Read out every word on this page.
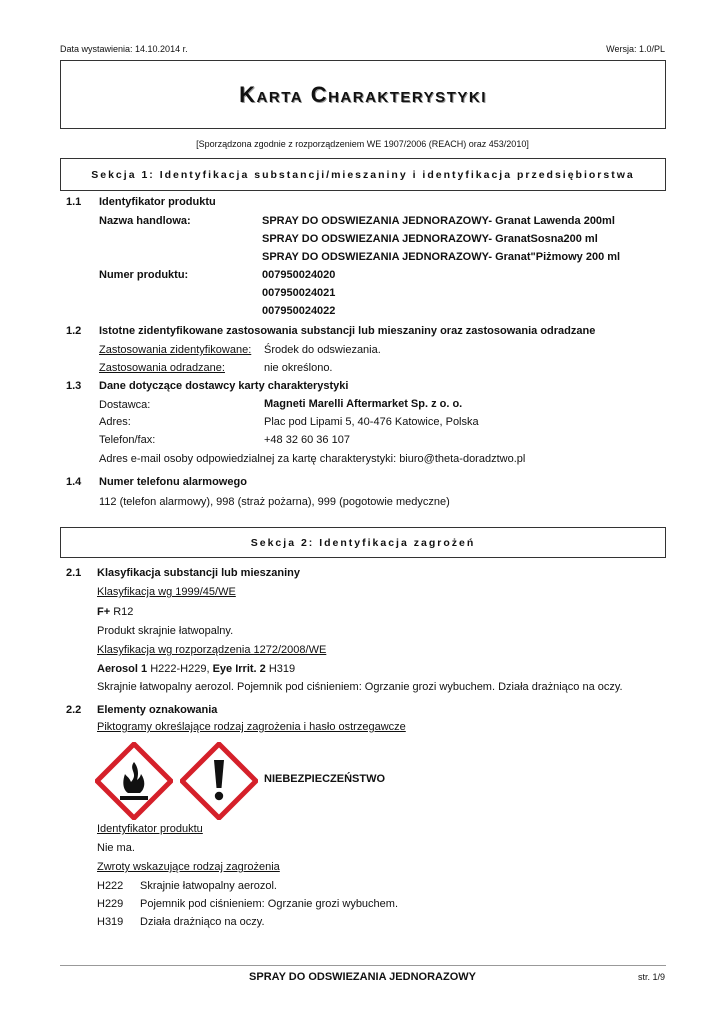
Data wystawienia: 14.10.2014 r.	Wersja: 1.0/PL
Karta Charakterystyki
[Sporządzona zgodnie z rozporządzeniem WE 1907/2006 (REACH) oraz 453/2010]
Sekcja 1: Identyfikacja substancji/mieszaniny i identyfikacja przedsiębiorstwa
1.1 Identyfikator produktu
Nazwa handlowa:	SPRAY DO ODSWIEZANIA JEDNORAZOWY- Granat Lawenda 200ml
SPRAY DO ODSWIEZANIA JEDNORAZOWY- GranatSosna200 ml
SPRAY DO ODSWIEZANIA JEDNORAZOWY- Granat"Piżmowy 200 ml
Numer produktu:	007950024020
007950024021
007950024022
1.2 Istotne zidentyfikowane zastosowania substancji lub mieszaniny oraz zastosowania odradzane
Zastosowania zidentyfikowane: Środek do odswiezania.
Zastosowania odradzane:	nie określono.
1.3 Dane dotyczące dostawcy karty charakterystyki
Dostawca:	Magneti Marelli Aftermarket Sp. z o. o.
Adres:	Plac pod Lipami 5, 40-476 Katowice, Polska
Telefon/fax:	+48 32 60 36 107
Adres e-mail osoby odpowiedzialnej za kartę charakterystyki: biuro@theta-doradztwo.pl
1.4 Numer telefonu alarmowego
112 (telefon alarmowy), 998 (straż pożarna), 999 (pogotowie medyczne)
Sekcja 2: Identyfikacja zagrożeń
2.1 Klasyfikacja substancji lub mieszaniny
Klasyfikacja wg 1999/45/WE
F+ R12
Produkt skrajnie łatwopalny.
Klasyfikacja wg rozporządzenia 1272/2008/WE
Aerosol 1 H222-H229, Eye Irrit. 2 H319
Skrajnie łatwopalny aerozol. Pojemnik pod ciśnieniem: Ogrzanie grozi wybuchem. Działa drażniąco na oczy.
2.2 Elementy oznakowania
Piktogramy określające rodzaj zagrożenia i hasło ostrzegawcze
NIEBEZPIECZEŃSTWO
Identyfikator produktu
Nie ma.
Zwroty wskazujące rodzaj zagrożenia
H222 Skrajnie łatwopalny aerozol.
H229 Pojemnik pod ciśnieniem: Ogrzanie grozi wybuchem.
H319 Działa drażniąco na oczy.
SPRAY DO ODSWIEZANIA JEDNORAZOWY	str. 1/9
